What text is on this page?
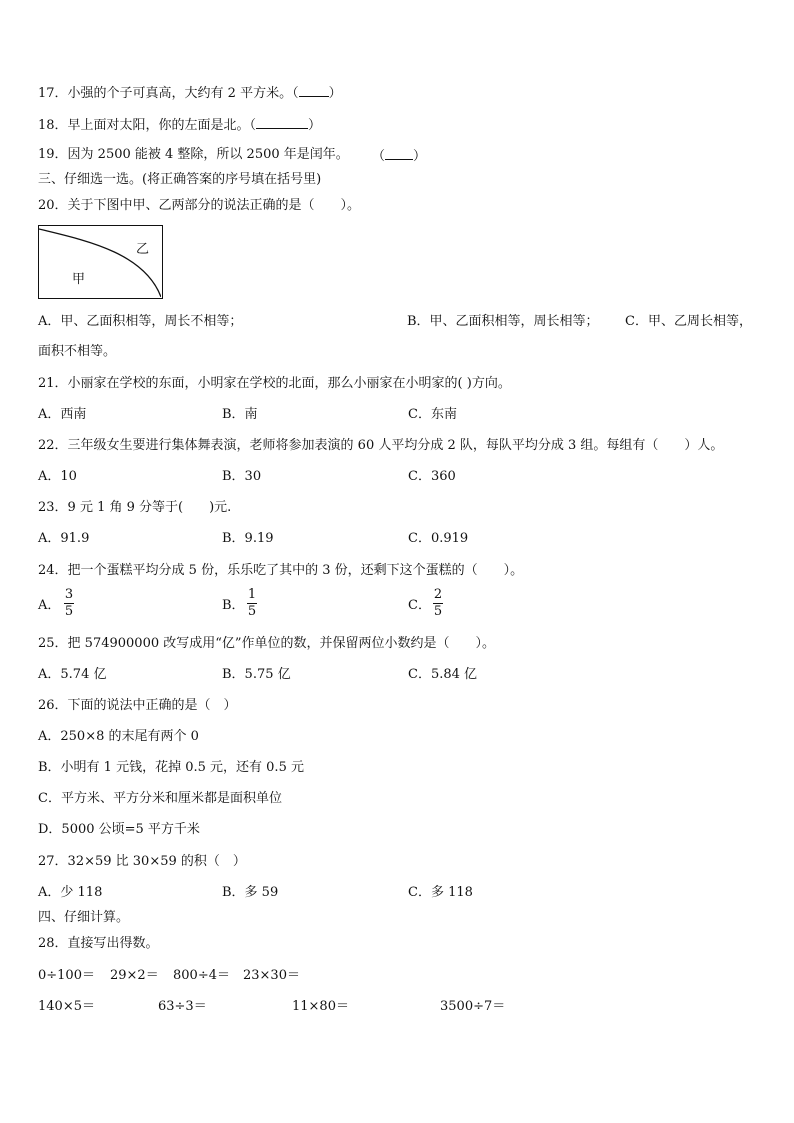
17．小强的个子可真高，大约有 2 平方米。（ ）
18．早上面对太阳，你的左面是北。（	）
19．因为 2500 能被 4 整除，所以 2500 年是闰年。 （ ）
三、仔细选一选。(将正确答案的序号填在括号里)
20．关于下图中甲、乙两部分的说法正确的是（　　）。
乙
甲
A．甲、乙面积相等，周长不相等；	B．甲、乙面积相等，周长相等； C．甲、乙周长相等，
面积不相等。
21．小丽家在学校的东面，小明家在学校的北面，那么小丽家在小明家的( )方向。
A．西南	B．南	C．东南
22．三年级女生要进行集体舞表演，老师将参加表演的 60 人平均分成 2 队，每队平均分成 3 组。每组有（　　）人。
A．10	B．30	C．360
23．9 元 1 角 9 分等于(　　)元.
A．91.9	B．9.19	C．0.919
24．把一个蛋糕平均分成 5 份，乐乐吃了其中的 3 份，还剩下这个蛋糕的（　　）。
A．
3
5	B．
1
5	C．
2
5
25．把 574900000 改写成用“亿”作单位的数，并保留两位小数约是（　　）。
A．5.74 亿	B．5.75 亿	C．5.84 亿
26．下面的说法中正确的是（　）
A．250×8 的末尾有两个 0
B．小明有 1 元钱，花掉 0.5 元，还有 0.5 元
C．平方米、平方分米和厘米都是面积单位
D．5000 公顷=5 平方千米
27．32×59 比 30×59 的积（　）
A．少 118	B．多 59	C．多 118
四、仔细计算。
28．直接写出得数。
0÷100＝ 29×2＝ 800÷4＝ 23×30＝
140×5＝	63÷3＝	11×80＝	3500÷7＝
